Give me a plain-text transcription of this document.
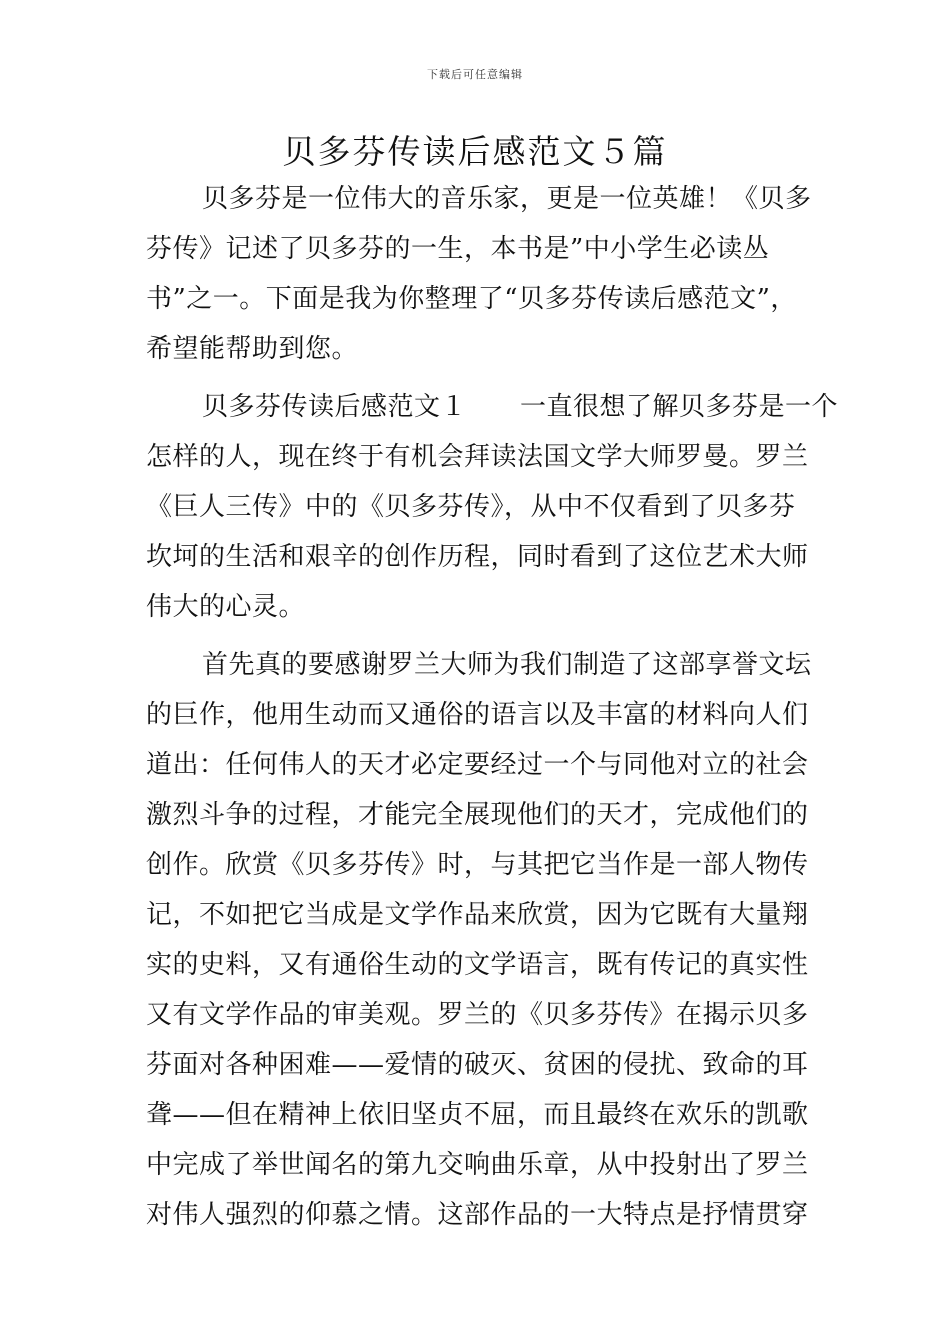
下载后可任意编辑
贝多芬传读后感范文５篇
贝多芬是一位伟大的音乐家，更是一位英雄！《贝多
芬传》记述了贝多芬的一生，本书是”中小学生必读丛
书”之一。下面是我为你整理了“贝多芬传读后感范文”，
希望能帮助到您。
贝多芬传读后感范文１　　一直很想了解贝多芬是一个
怎样的人，现在终于有机会拜读法国文学大师罗曼。罗兰
《巨人三传》中的《贝多芬传》，从中不仅看到了贝多芬
坎坷的生活和艰辛的创作历程，同时看到了这位艺术大师
伟大的心灵。
首先真的要感谢罗兰大师为我们制造了这部享誉文坛
的巨作，他用生动而又通俗的语言以及丰富的材料向人们
道出：任何伟人的天才必定要经过一个与同他对立的社会
激烈斗争的过程，才能完全展现他们的天才，完成他们的
创作。欣赏《贝多芬传》时，与其把它当作是一部人物传
记，不如把它当成是文学作品来欣赏，因为它既有大量翔
实的史料，又有通俗生动的文学语言，既有传记的真实性
又有文学作品的审美观。罗兰的《贝多芬传》在揭示贝多
芬面对各种困难——爱情的破灭、贫困的侵扰、致命的耳
聋——但在精神上依旧坚贞不屈，而且最终在欢乐的凯歌
中完成了举世闻名的第九交响曲乐章，从中投射出了罗兰
对伟人强烈的仰慕之情。这部作品的一大特点是抒情贯穿
